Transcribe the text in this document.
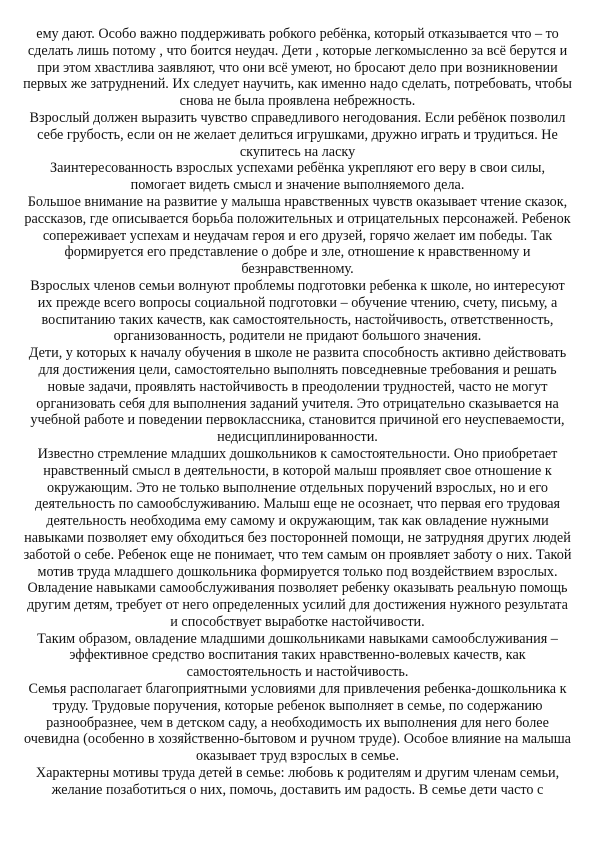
ему дают. Особо важно поддерживать робкого ребёнка, который отказывается что – то сделать лишь потому , что боится неудач. Дети , которые легкомысленно за всё берутся и при этом хвастлива заявляют, что они всё умеют, но бросают дело при возникновении первых же затруднений. Их следует научить, как именно надо сделать, потребовать, чтобы снова не была проявлена небрежность.

Взрослый должен выразить чувство справедливого негодования. Если ребёнок позволил себе грубость, если он не желает делиться игрушками, дружно играть и трудиться. Не скупитесь на ласку

Заинтересованность взрослых успехами ребёнка укрепляют его веру в свои силы, помогает видеть смысл и значение выполняемого дела.

Большое внимание на развитие у малыша нравственных чувств оказывает чтение сказок, рассказов, где описывается борьба положительных и отрицательных персонажей. Ребенок сопереживает успехам и неудачам героя и его друзей, горячо желает им победы. Так формируется его представление о добре и зле, отношение к нравственному и безнравственному.

Взрослых членов семьи волнуют проблемы подготовки ребенка к школе, но интересуют их прежде всего вопросы социальной подготовки – обучение чтению, счету, письму, а воспитанию таких качеств, как самостоятельность, настойчивость, ответственность, организованность, родители не придают большого значения.

Дети, у которых к началу обучения в школе не развита способность активно действовать для достижения цели, самостоятельно выполнять повседневные требования и решать новые задачи, проявлять настойчивость в преодолении трудностей, часто не могут организовать себя для выполнения заданий учителя. Это отрицательно сказывается на учебной работе и поведении первоклассника, становится причиной его неуспеваемости, недисциплинированности.

Известно стремление младших дошкольников к самостоятельности. Оно приобретает нравственный смысл в деятельности, в которой малыш проявляет свое отношение к окружающим. Это не только выполнение отдельных поручений взрослых, но и его деятельность по самообслуживанию. Малыш еще не осознает, что первая его трудовая деятельность необходима ему самому и окружающим, так как овладение нужными навыками позволяет ему обходиться без посторонней помощи, не затрудняя других людей заботой о себе. Ребенок еще не понимает, что тем самым он проявляет заботу о них. Такой мотив труда младшего дошкольника формируется только под воздействием взрослых.

Овладение навыками самообслуживания позволяет ребенку оказывать реальную помощь другим детям, требует от него определенных усилий для достижения нужного результата и способствует выработке настойчивости.

Таким образом, овладение младшими дошкольниками навыками самообслуживания – эффективное средство воспитания таких нравственно-волевых качеств, как самостоятельность и настойчивость.

Семья располагает благоприятными условиями для привлечения ребенка-дошкольника к труду. Трудовые поручения, которые ребенок выполняет в семье, по содержанию разнообразнее, чем в детском саду, а необходимость их выполнения для него более очевидна (особенно в хозяйственно-бытовом и ручном труде). Особое влияние на малыша оказывает труд взрослых в семье.

Характерны мотивы труда детей в семье: любовь к родителям и другим членам семьи, желание позаботиться о них, помочь, доставить им радость. В семье дети часто с
